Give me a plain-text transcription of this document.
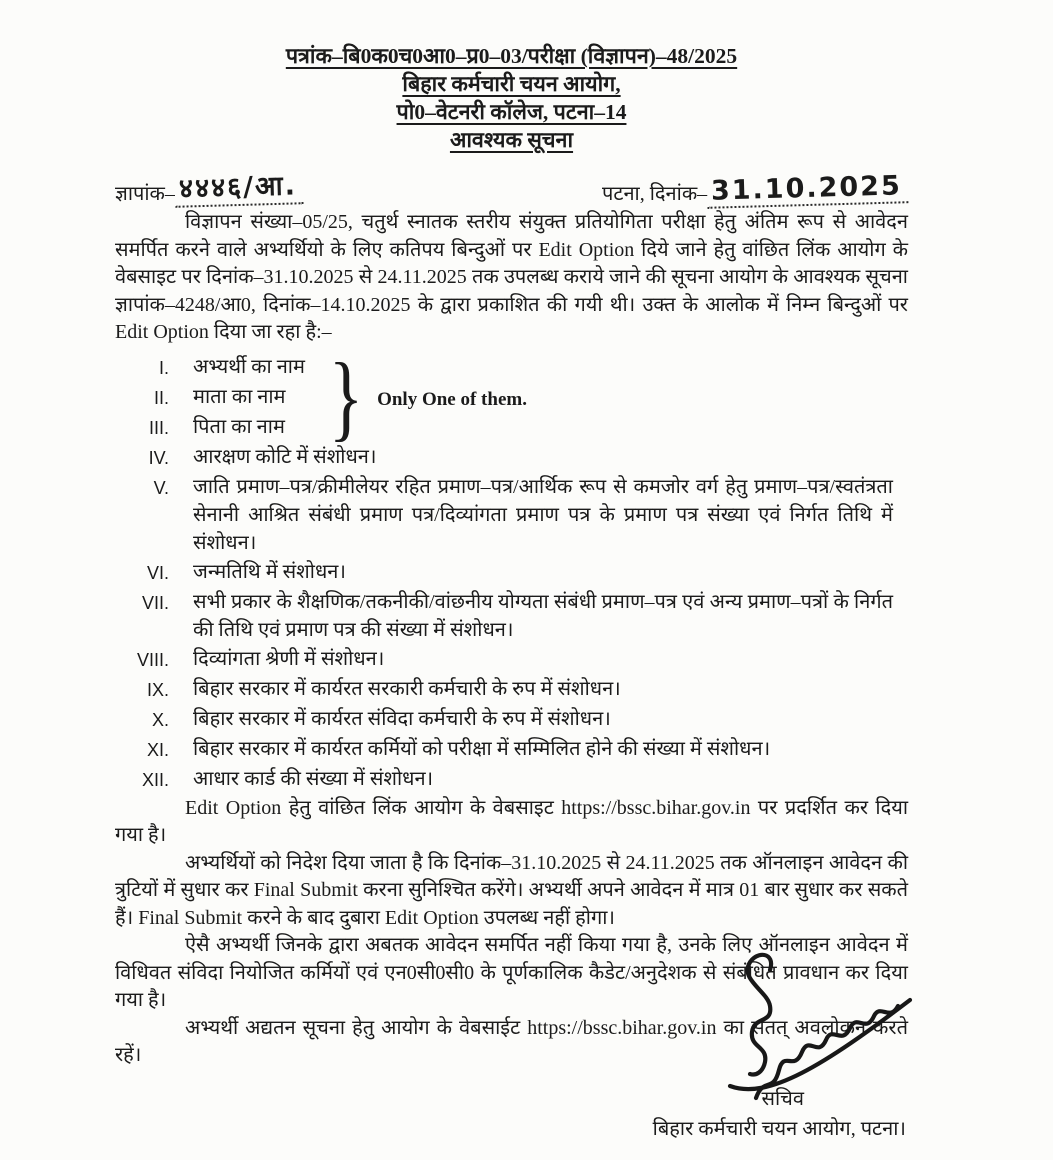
पत्रांक–बि0क0च0आ0–प्र0–03/परीक्षा (विज्ञापन)–48/2025

बिहार कर्मचारी चयन आयोग,

पो0–वेटनरी कॉलेज, पटना–14

आवश्यक सूचना

ज्ञापांक– ४४४६/आ.	पटना, दिनांक– 31.10.2025

विज्ञापन संख्या–05/25, चतुर्थ स्नातक स्तरीय संयुक्त प्रतियोगिता परीक्षा हेतु अंतिम रूप से आवेदन समर्पित करने वाले अभ्यर्थियो के लिए कतिपय बिन्दुओं पर Edit Option दिये जाने हेतु वांछित लिंक आयोग के वेबसाइट पर दिनांक–31.10.2025 से 24.11.2025 तक उपलब्ध कराये जाने की सूचना आयोग के आवश्यक सूचना ज्ञापांक–4248/आ0, दिनांक–14.10.2025 के द्वारा प्रकाशित की गयी थी। उक्त के आलोक में निम्न बिन्दुओं पर Edit Option दिया जा रहा है:–

} Only One of them.
I. अभ्यर्थी का नाम
II. माता का नाम
III. पिता का नाम
IV. आरक्षण कोटि में संशोधन।
V. जाति प्रमाण–पत्र/क्रीमीलेयर रहित प्रमाण–पत्र/आर्थिक रूप से कमजोर वर्ग हेतु प्रमाण–पत्र/स्वतंत्रता सेनानी आश्रित संबंधी प्रमाण पत्र/दिव्यांगता प्रमाण पत्र के प्रमाण पत्र संख्या एवं निर्गत तिथि में संशोधन।
VI. जन्मतिथि में संशोधन।
VII. सभी प्रकार के शैक्षणिक/तकनीकी/वांछनीय योग्यता संबंधी प्रमाण–पत्र एवं अन्य प्रमाण–पत्रों के निर्गत की तिथि एवं प्रमाण पत्र की संख्या में संशोधन।
VIII. दिव्यांगता श्रेणी में संशोधन।
IX. बिहार सरकार में कार्यरत सरकारी कर्मचारी के रुप में संशोधन।
X. बिहार सरकार में कार्यरत संविदा कर्मचारी के रुप में संशोधन।
XI. बिहार सरकार में कार्यरत कर्मियों को परीक्षा में सम्मिलित होने की संख्या में संशोधन।
XII. आधार कार्ड की संख्या में संशोधन।

Edit Option हेतु वांछित लिंक आयोग के वेबसाइट https://bssc.bihar.gov.in पर प्रदर्शित कर दिया गया है।

अभ्यर्थियों को निदेश दिया जाता है कि दिनांक–31.10.2025 से 24.11.2025 तक ऑनलाइन आवेदन की त्रुटियों में सुधार कर Final Submit करना सुनिश्चित करेंगे। अभ्यर्थी अपने आवेदन में मात्र 01 बार सुधार कर सकते हैं। Final Submit करने के बाद दुबारा Edit Option उपलब्ध नहीं होगा।

ऐसै अभ्यर्थी जिनके द्वारा अबतक आवेदन समर्पित नहीं किया गया है, उनके लिए ऑनलाइन आवेदन में विधिवत संविदा नियोजित कर्मियों एवं एन0सी0सी0 के पूर्णकालिक कैडेट/अनुदेशक से संबंधित प्रावधान कर दिया गया है।

अभ्यर्थी अद्यतन सूचना हेतु आयोग के वेबसाईट https://bssc.bihar.gov.in का सतत् अवलोकन करते रहें।

सचिव
बिहार कर्मचारी चयन आयोग, पटना।
